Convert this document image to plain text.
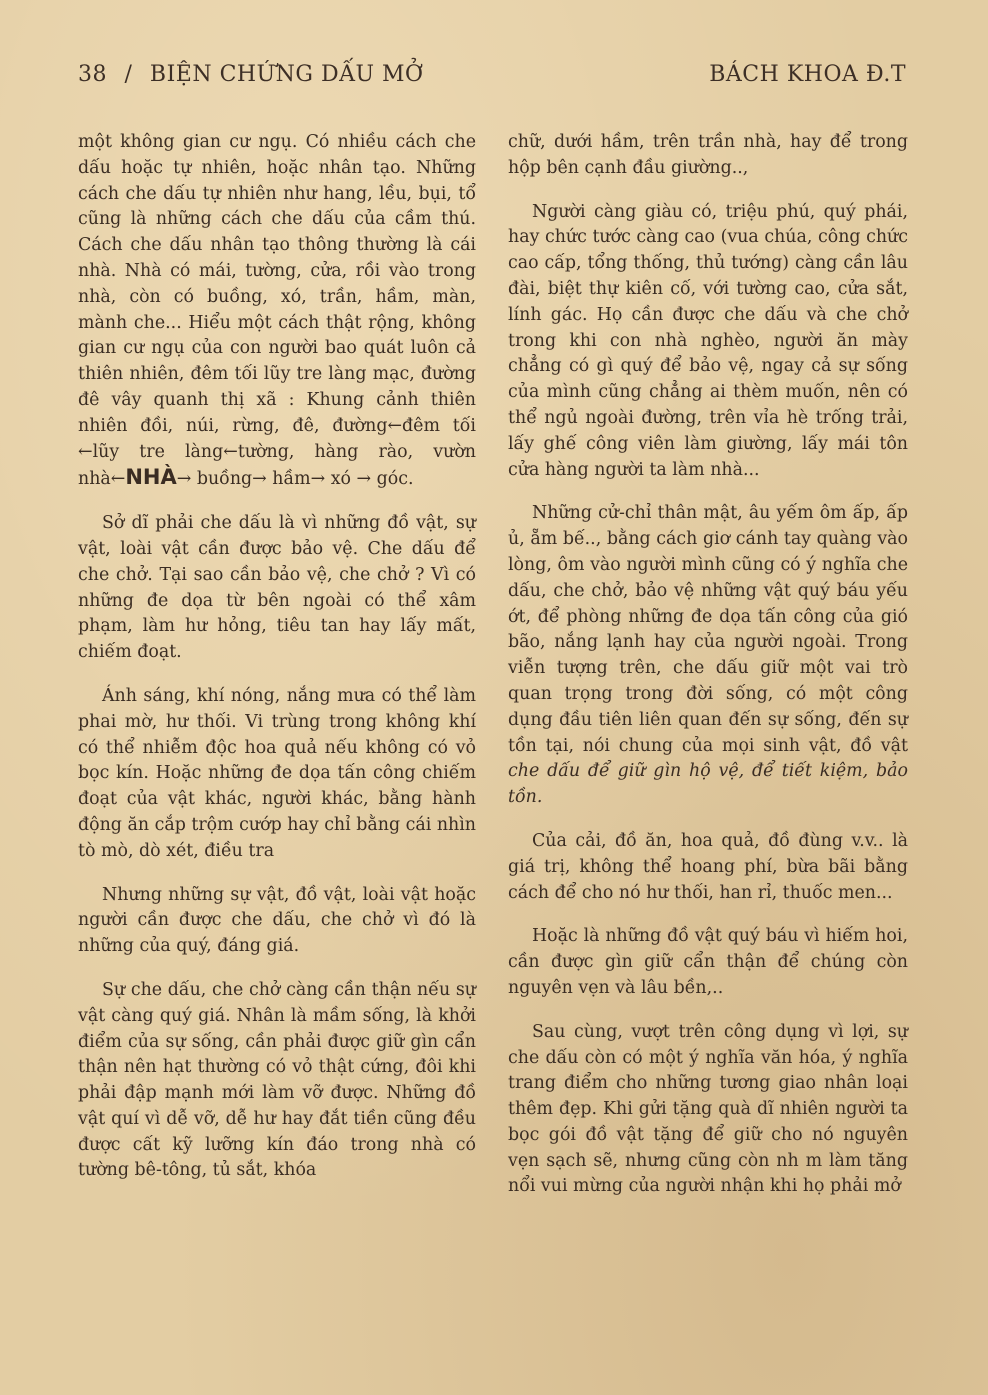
38 / BIỆN CHỨNG DẤU MỞ	BÁCH KHOA Đ.T

một không gian cư ngụ. Có nhiều cách che dấu hoặc tự nhiên, hoặc nhân tạo. Những cách che dấu tự nhiên như hang, lều, bụi, tổ cũng là những cách che dấu của cầm thú. Cách che dấu nhân tạo thông thường là cái nhà. Nhà có mái, tường, cửa, rồi vào trong nhà, còn có buồng, xó, trần, hầm, màn, mành che... Hiểu một cách thật rộng, không gian cư ngụ của con người bao quát luôn cả thiên nhiên, đêm tối lũy tre làng mạc, đường đê vây quanh thị xã : Khung cảnh thiên nhiên đồi, núi, rừng, đê, đường←đêm tối ←lũy tre làng←tường, hàng rào, vườn nhà←NHÀ→ buồng→ hầm→ xó → góc.

Sở dĩ phải che dấu là vì những đồ vật, sự vật, loài vật cần được bảo vệ. Che dấu để che chở. Tại sao cần bảo vệ, che chở ? Vì có những đe dọa từ bên ngoài có thể xâm phạm, làm hư hỏng, tiêu tan hay lấy mất, chiếm đoạt.

Ánh sáng, khí nóng, nắng mưa có thể làm phai mờ, hư thối. Vi trùng trong không khí có thể nhiễm độc hoa quả nếu không có vỏ bọc kín. Hoặc những đe dọa tấn công chiếm đoạt của vật khác, người khác, bằng hành động ăn cắp trộm cướp hay chỉ bằng cái nhìn tò mò, dò xét, điều tra

Nhưng những sự vật, đồ vật, loài vật hoặc người cần được che dấu, che chở vì đó là những của quý, đáng giá.

Sự che dấu, che chở càng cần thận nếu sự vật càng quý giá. Nhân là mầm sống, là khởi điểm của sự sống, cần phải được giữ gìn cẩn thận nên hạt thường có vỏ thật cứng, đôi khi phải đập mạnh mới làm vỡ được. Những đồ vật quí vì dễ vỡ, dễ hư hay đắt tiền cũng đều được cất kỹ lưỡng kín đáo trong nhà có tường bê-tông, tủ sắt, khóa

chữ, dưới hầm, trên trần nhà, hay để trong hộp bên cạnh đầu giường..,

Người càng giàu có, triệu phú, quý phái, hay chức tước càng cao (vua chúa, công chức cao cấp, tổng thống, thủ tướng) càng cần lâu đài, biệt thự kiên cố, với tường cao, cửa sắt, lính gác. Họ cần được che dấu và che chở trong khi con nhà nghèo, người ăn mày chẳng có gì quý để bảo vệ, ngay cả sự sống của mình cũng chẳng ai thèm muốn, nên có thể ngủ ngoài đường, trên vỉa hè trống trải, lấy ghế công viên làm giường, lấy mái tôn cửa hàng người ta làm nhà...

Những cử-chỉ thân mật, âu yếm ôm ấp, ấp ủ, ẵm bế.., bằng cách giơ cánh tay quàng vào lòng, ôm vào người mình cũng có ý nghĩa che dấu, che chở, bảo vệ những vật quý báu yếu ớt, để phòng những đe dọa tấn công của gió bão, nắng lạnh hay của người ngoài. Trong viễn tượng trên, che dấu giữ một vai trò quan trọng trong đời sống, có một công dụng đầu tiên liên quan đến sự sống, đến sự tồn tại, nói chung của mọi sinh vật, đồ vật che dấu để giữ gìn hộ vệ, để tiết kiệm, bảo tồn.

Của cải, đồ ăn, hoa quả, đồ đùng v.v.. là giá trị, không thể hoang phí, bừa bãi bằng cách để cho nó hư thối, han rỉ, thuốc men...

Hoặc là những đồ vật quý báu vì hiếm hoi, cần được gìn giữ cẩn thận để chúng còn nguyên vẹn và lâu bền,..

Sau cùng, vượt trên công dụng vì lợi, sự che dấu còn có một ý nghĩa văn hóa, ý nghĩa trang điểm cho những tương giao nhân loại thêm đẹp. Khi gửi tặng quà dĩ nhiên người ta bọc gói đồ vật tặng để giữ cho nó nguyên vẹn sạch sẽ, nhưng cũng còn nh m làm tăng nổi vui mừng của người nhận khi họ phải mở
